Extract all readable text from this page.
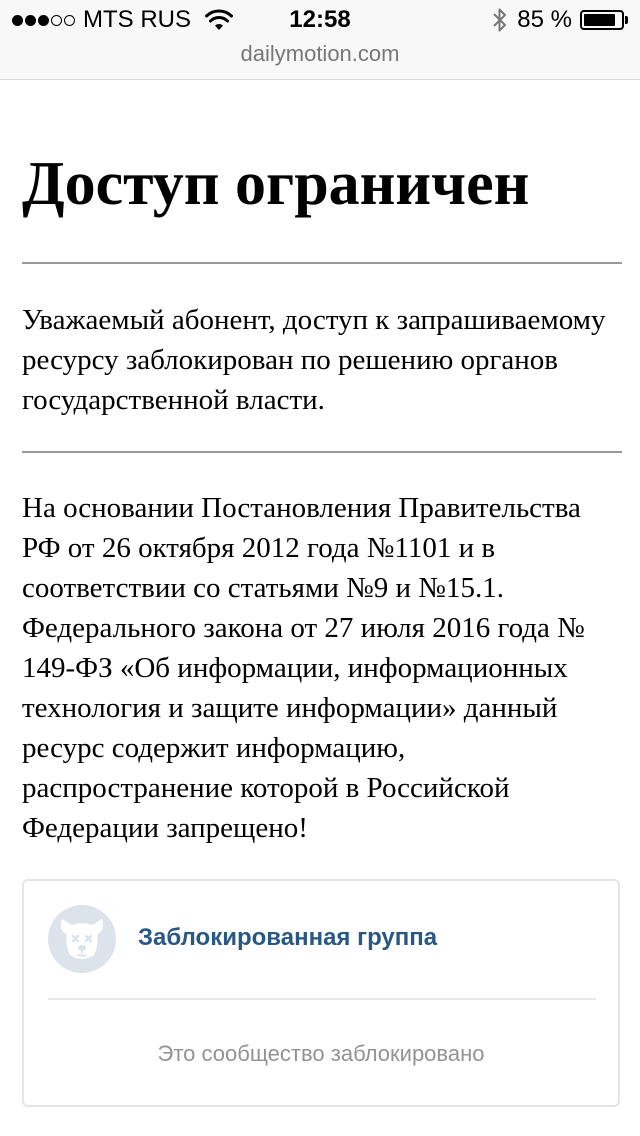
MTS RUS	12:58	85 %
dailymotion.com
Доступ ограничен

Уважаемый абонент, доступ к запрашиваемому ресурсу заблокирован по решению органов государственной власти.

На основании Постановления Правительства РФ от 26 октября 2012 года №1101 и в соответствии со статьями №9 и №15.1. Федерального закона от 27 июля 2016 года № 149-ФЗ «Об информации, информационных технология и защите информации» данный ресурс содержит информацию, распространение которой в Российской Федерации запрещено!

Заблокированная группа
Это сообщество заблокировано
